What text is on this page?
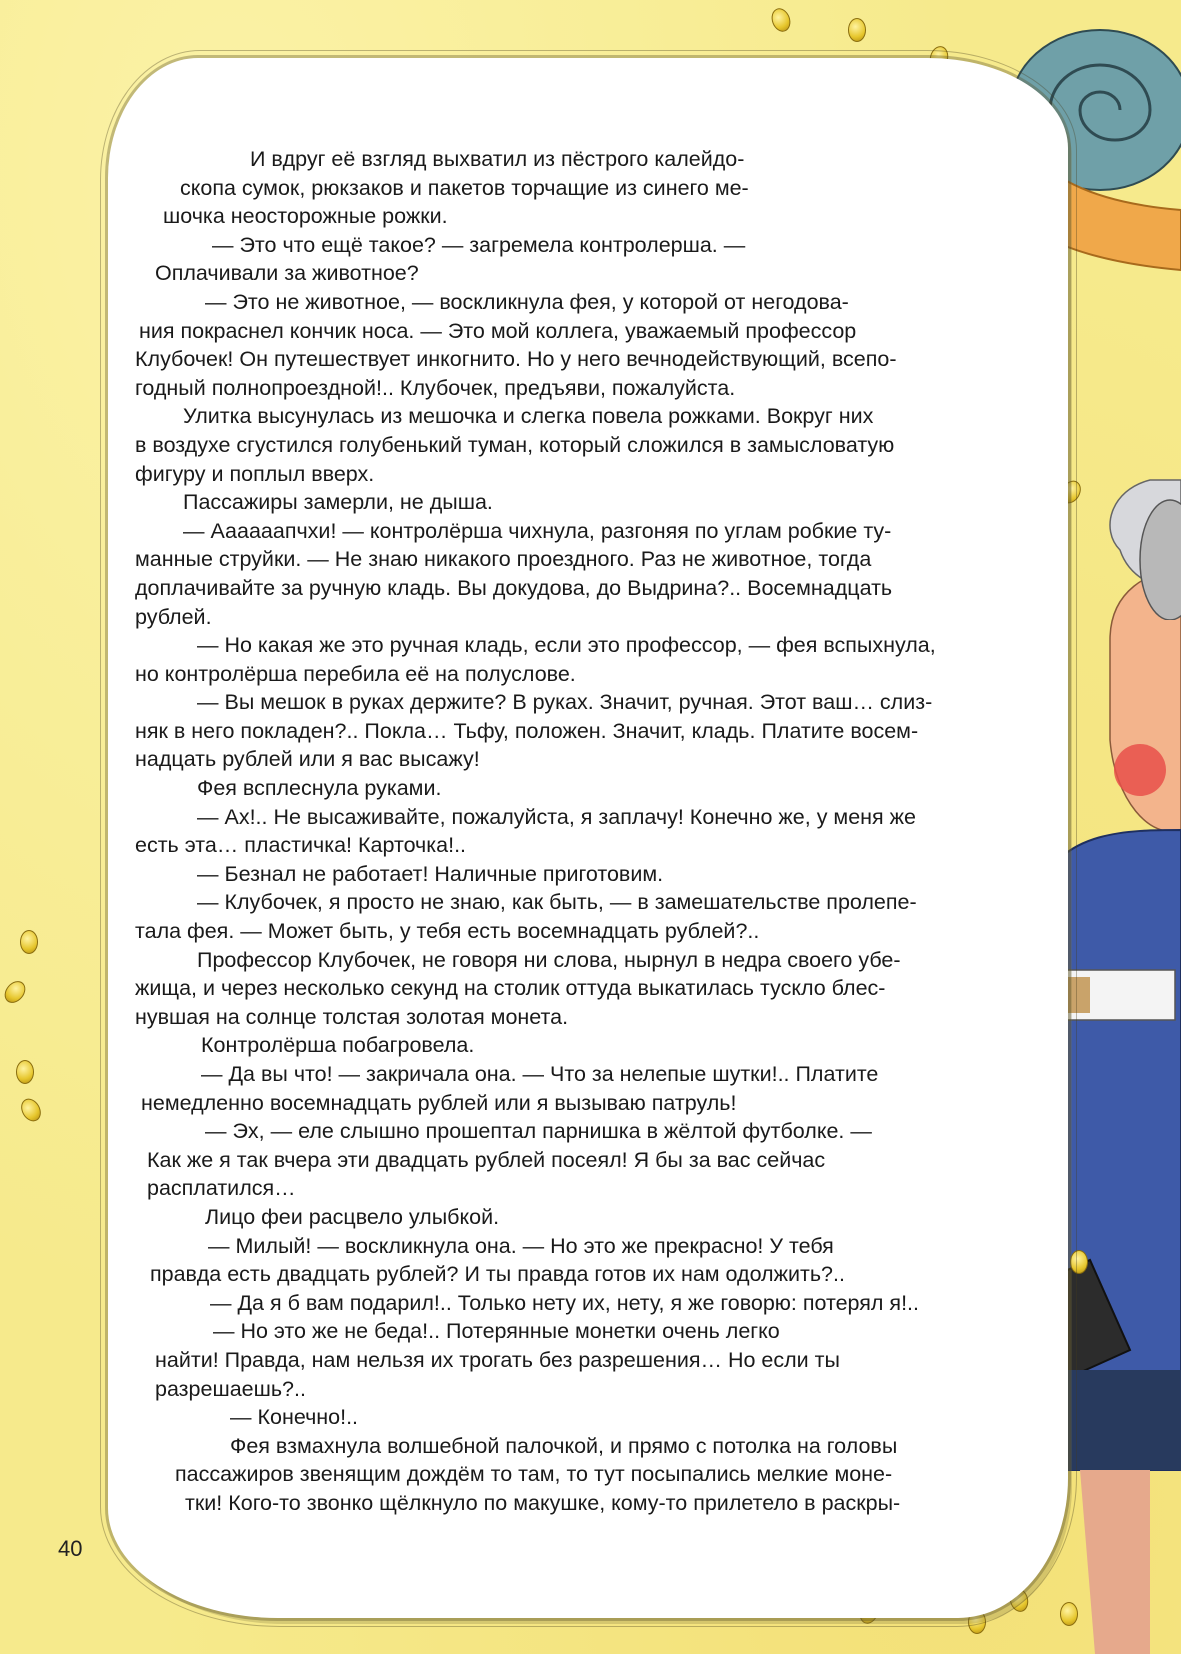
И вдруг её взгляд выхватил из пёстрого калейдо-
скопа сумок, рюкзаков и пакетов торчащие из синего ме-
шочка неосторожные рожки.
— Это что ещё такое? — загремела контролерша. —
Оплачивали за животное?
— Это не животное, — воскликнула фея, у которой от негодова-
ния покраснел кончик носа. — Это мой коллега, уважаемый профессор
Клубочек! Он путешествует инкогнито. Но у него вечнодействующий, всепо-
годный полнопроездной!.. Клубочек, предъяви, пожалуйста.
Улитка высунулась из мешочка и слегка повела рожками. Вокруг них
в воздухе сгустился голубенький туман, который сложился в замысловатую
фигуру и поплыл вверх.
Пассажиры замерли, не дыша.
— Аааааапчхи! — контролёрша чихнула, разгоняя по углам робкие ту-
манные струйки. — Не знаю никакого проездного. Раз не животное, тогда
доплачивайте за ручную кладь. Вы докудова, до Выдрина?.. Восемнадцать
рублей.
— Но какая же это ручная кладь, если это профессор, — фея вспыхнула,
но контролёрша перебила её на полуслове.
— Вы мешок в руках держите? В руках. Значит, ручная. Этот ваш… слиз-
няк в него покладен?.. Покла… Тьфу, положен. Значит, кладь. Платите восем-
надцать рублей или я вас высажу!
Фея всплеснула руками.
— Ах!.. Не высаживайте, пожалуйста, я заплачу! Конечно же, у меня же
есть эта… пластичка! Карточка!..
— Безнал не работает! Наличные приготовим.
— Клубочек, я просто не знаю, как быть, — в замешательстве пролепе-
тала фея. — Может быть, у тебя есть восемнадцать рублей?..
Профессор Клубочек, не говоря ни слова, нырнул в недра своего убе-
жища, и через несколько секунд на столик оттуда выкатилась тускло блес-
нувшая на солнце толстая золотая монета.
Контролёрша побагровела.
— Да вы что! — закричала она. — Что за нелепые шутки!.. Платите
немедленно восемнадцать рублей или я вызываю патруль!
— Эх, — еле слышно прошептал парнишка в жёлтой футболке. —
Как же я так вчера эти двадцать рублей посеял! Я бы за вас сейчас
расплатился…
Лицо феи расцвело улыбкой.
— Милый! — воскликнула она. — Но это же прекрасно! У тебя
правда есть двадцать рублей? И ты правда готов их нам одолжить?..
— Да я б вам подарил!.. Только нету их, нету, я же говорю: потерял я!..
— Но это же не беда!.. Потерянные монетки очень легко
найти! Правда, нам нельзя их трогать без разрешения… Но если ты
разрешаешь?..
— Конечно!..
Фея взмахнула волшебной палочкой, и прямо с потолка на головы
пассажиров звенящим дождём то там, то тут посыпались мелкие моне-
тки! Кого-то звонко щёлкнуло по макушке, кому-то прилетело в раскры-
40
